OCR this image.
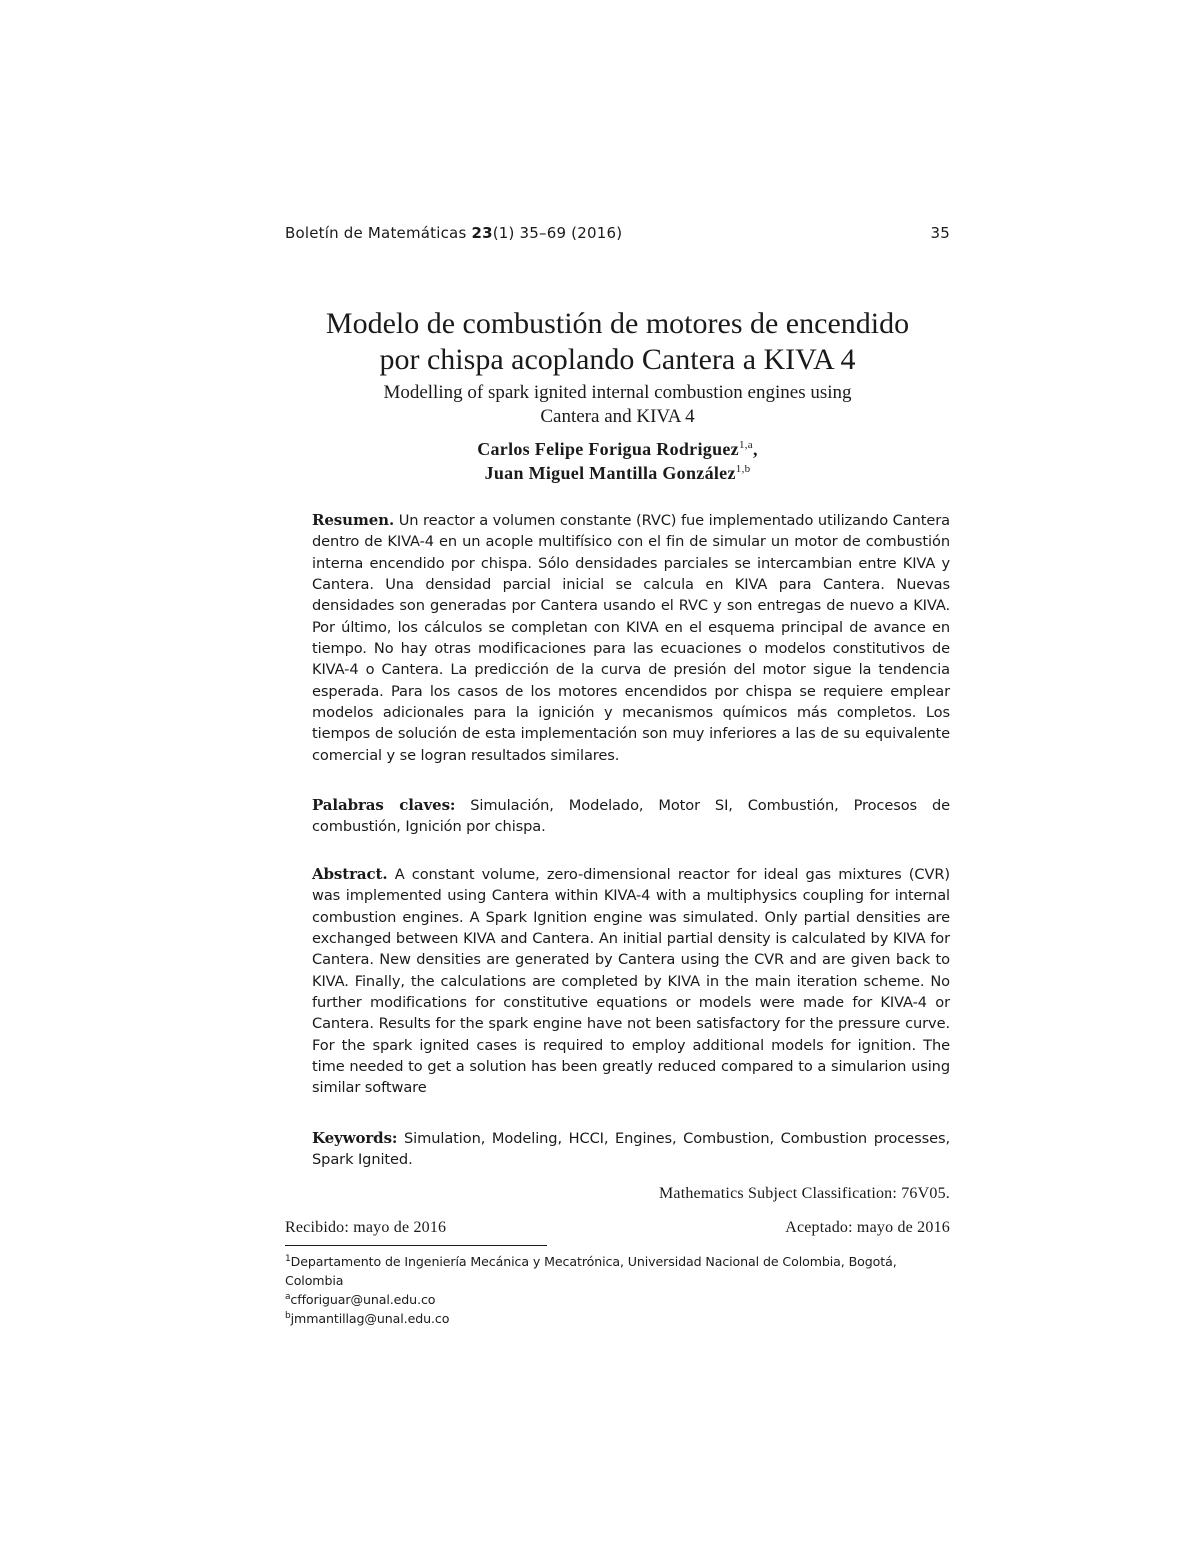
Boletín de Matemáticas 23(1) 35–69 (2016)	35
Modelo de combustión de motores de encendido
por chispa acoplando Cantera a KIVA 4
Modelling of spark ignited internal combustion engines using
Cantera and KIVA 4
Carlos Felipe Forigua Rodriguez$^{1,a}$,
Juan Miguel Mantilla González$^{1,b}$
Resumen. Un reactor a volumen constante (RVC) fue implementado utilizando Cantera dentro de KIVA-4 en un acople multifísico con el fin de simular un motor de combustión interna encendido por chispa. Sólo densidades parciales se intercambian entre KIVA y Cantera. Una densidad parcial inicial se calcula en KIVA para Cantera. Nuevas densidades son generadas por Cantera usando el RVC y son entregas de nuevo a KIVA. Por último, los cálculos se completan con KIVA en el esquema principal de avance en tiempo. No hay otras modificaciones para las ecuaciones o modelos constitutivos de KIVA-4 o Cantera. La predicción de la curva de presión del motor sigue la tendencia esperada. Para los casos de los motores encendidos por chispa se requiere emplear modelos adicionales para la ignición y mecanismos químicos más completos. Los tiempos de solución de esta implementación son muy inferiores a las de su equivalente comercial y se logran resultados similares.
Palabras claves: Simulación, Modelado, Motor SI, Combustión, Procesos de combustión, Ignición por chispa.
Abstract. A constant volume, zero-dimensional reactor for ideal gas mixtures (CVR) was implemented using Cantera within KIVA-4 with a multiphysics coupling for internal combustion engines. A Spark Ignition engine was simulated. Only partial densities are exchanged between KIVA and Cantera. An initial partial density is calculated by KIVA for Cantera. New densities are generated by Cantera using the CVR and are given back to KIVA. Finally, the calculations are completed by KIVA in the main iteration scheme. No further modifications for constitutive equations or models were made for KIVA-4 or Cantera. Results for the spark engine have not been satisfactory for the pressure curve. For the spark ignited cases is required to employ additional models for ignition. The time needed to get a solution has been greatly reduced compared to a simularion using similar software
Keywords: Simulation, Modeling, HCCI, Engines, Combustion, Combustion processes, Spark Ignited.
Mathematics Subject Classification: 76V05.
Recibido: mayo de 2016	Aceptado: mayo de 2016
$^1$Departamento de Ingeniería Mecánica y Mecatrónica, Universidad Nacional de Colombia, Bogotá, Colombia
$^a$cfforiguar@unal.edu.co
$^b$jmmantillag@unal.edu.co
